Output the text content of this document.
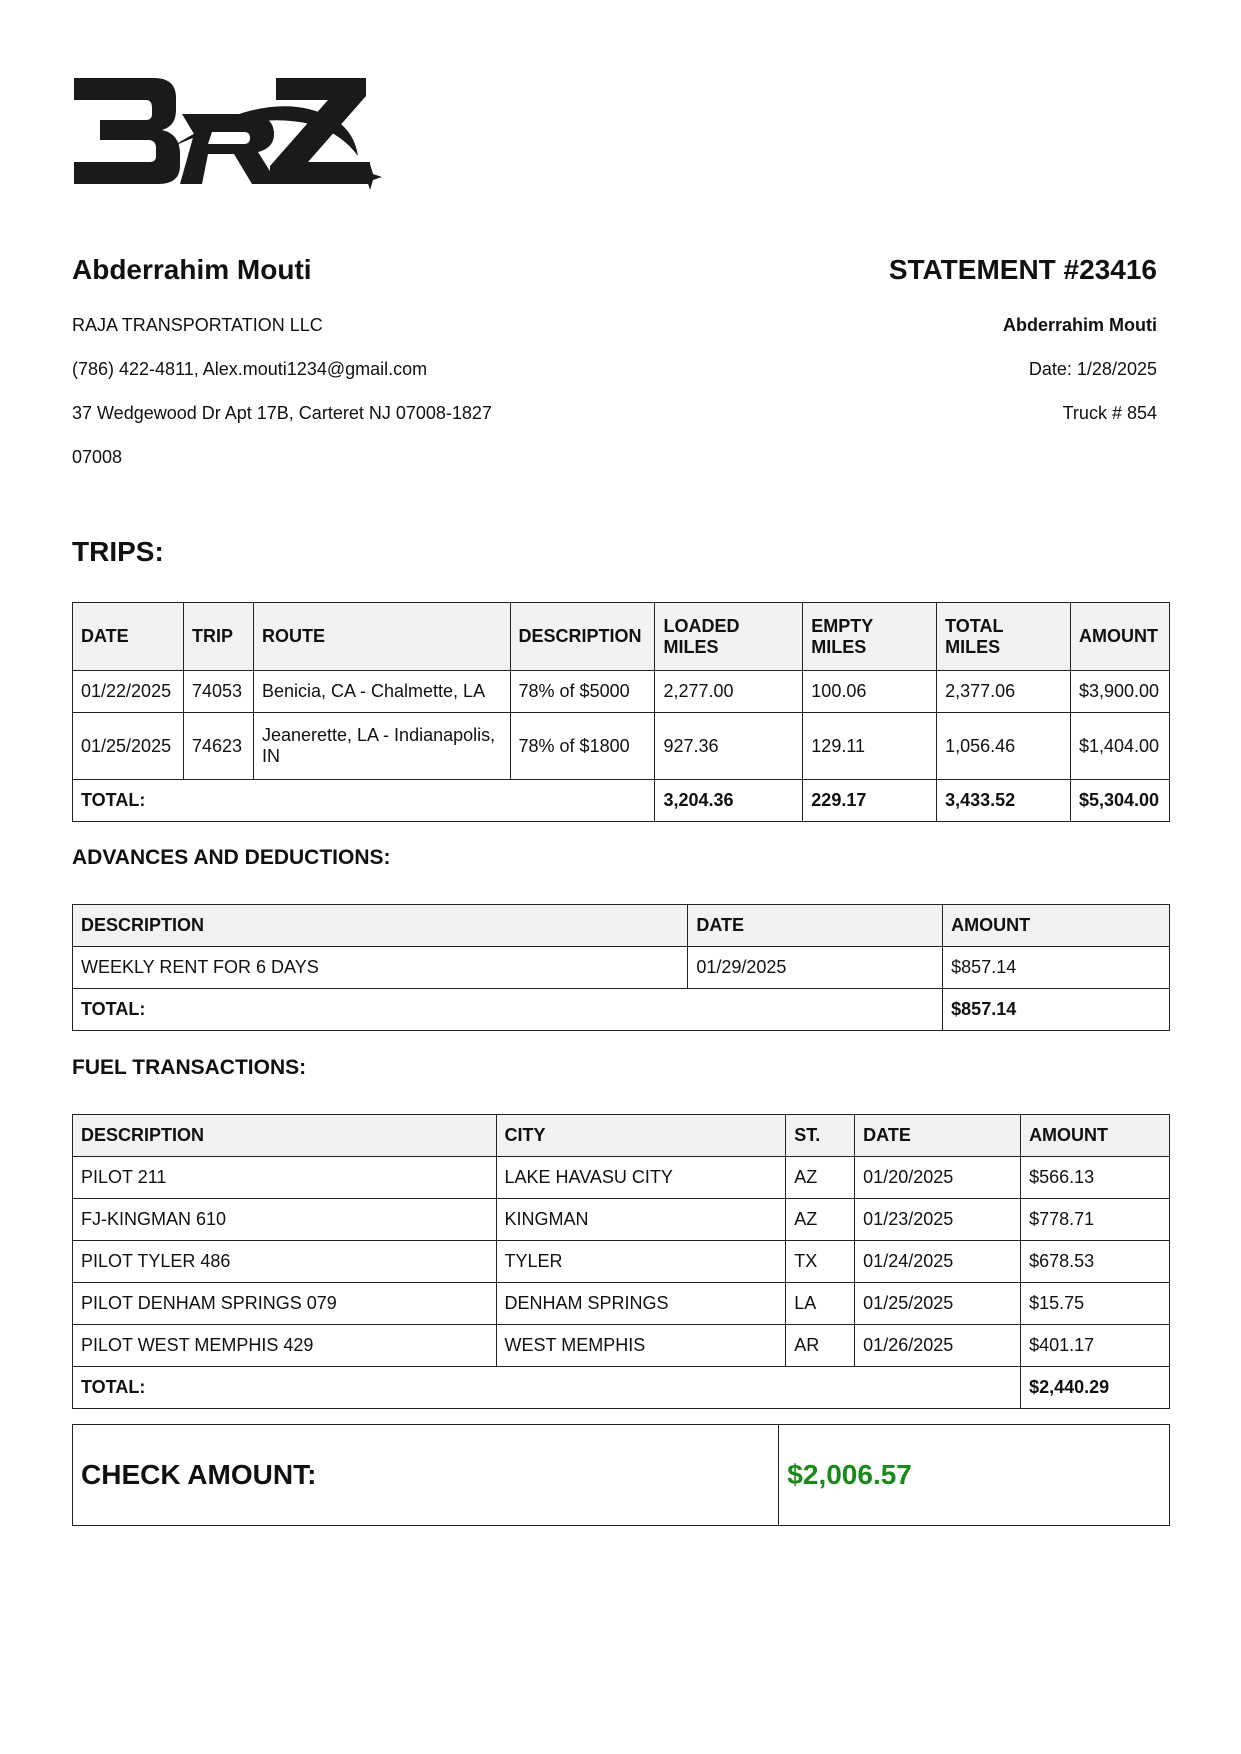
Abderrahim Mouti

RAJA TRANSPORTATION LLC

(786) 422-4811, Alex.mouti1234@gmail.com

37 Wedgewood Dr Apt 17B, Carteret NJ 07008-1827

07008

STATEMENT #23416

Abderrahim Mouti

Date: 1/28/2025

Truck # 854

TRIPS:
DATE	TRIP	ROUTE	DESCRIPTION	LOADED MILES	EMPTY MILES	TOTAL MILES	AMOUNT
01/22/2025	74053	Benicia, CA - Chalmette, LA	78% of $5000	2,277.00	100.06	2,377.06	$3,900.00
01/25/2025	74623	Jeanerette, LA - Indianapolis, IN	78% of $1800	927.36	129.11	1,056.46	$1,404.00
TOTAL:				3,204.36	229.17	3,433.52	$5,304.00
ADVANCES AND DEDUCTIONS:
DESCRIPTION	DATE	AMOUNT
WEEKLY RENT FOR 6 DAYS	01/29/2025	$857.14
TOTAL:		$857.14
FUEL TRANSACTIONS:
DESCRIPTION	CITY	ST.	DATE	AMOUNT
PILOT 211	LAKE HAVASU CITY	AZ	01/20/2025	$566.13
FJ-KINGMAN 610	KINGMAN	AZ	01/23/2025	$778.71
PILOT TYLER 486	TYLER	TX	01/24/2025	$678.53
PILOT DENHAM SPRINGS 079	DENHAM SPRINGS	LA	01/25/2025	$15.75
PILOT WEST MEMPHIS 429	WEST MEMPHIS	AR	01/26/2025	$401.17
TOTAL:				$2,440.29
CHECK AMOUNT:	$2,006.57
